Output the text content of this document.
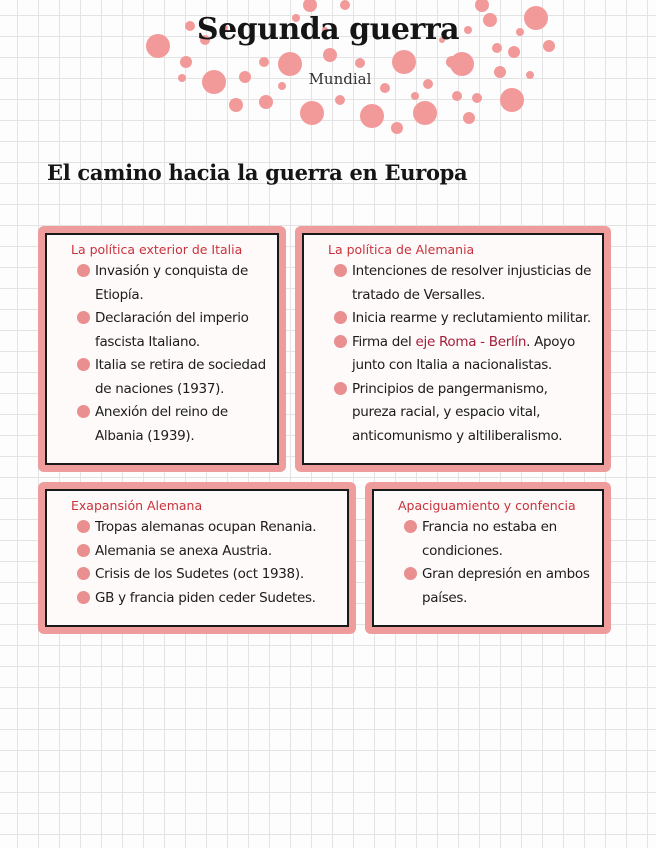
Segunda guerra

Mundial

El camino hacia la guerra en Europa
La política exterior de Italia
Invasión y conquista de Etiopía.
Declaración del imperio fascista Italiano.
Italia se retira de sociedad de naciones (1937).
Anexión del reino de Albania (1939).
La política de Alemania
Intenciones de resolver injusticias de tratado de Versalles.
Inicia rearme y reclutamiento militar.
Firma del eje Roma - Berlín. Apoyo junto con Italia a nacionalistas.
Principios de pangermanismo, pureza racial, y espacio vital, anticomunismo y altiliberalismo.
Exapansión Alemana
Tropas alemanas ocupan Renania.
Alemania se anexa Austria.
Crisis de los Sudetes (oct 1938).
GB y francia piden ceder Sudetes.
Apaciguamiento y confencia
Francia no estaba en condiciones.
Gran depresión en ambos países.
